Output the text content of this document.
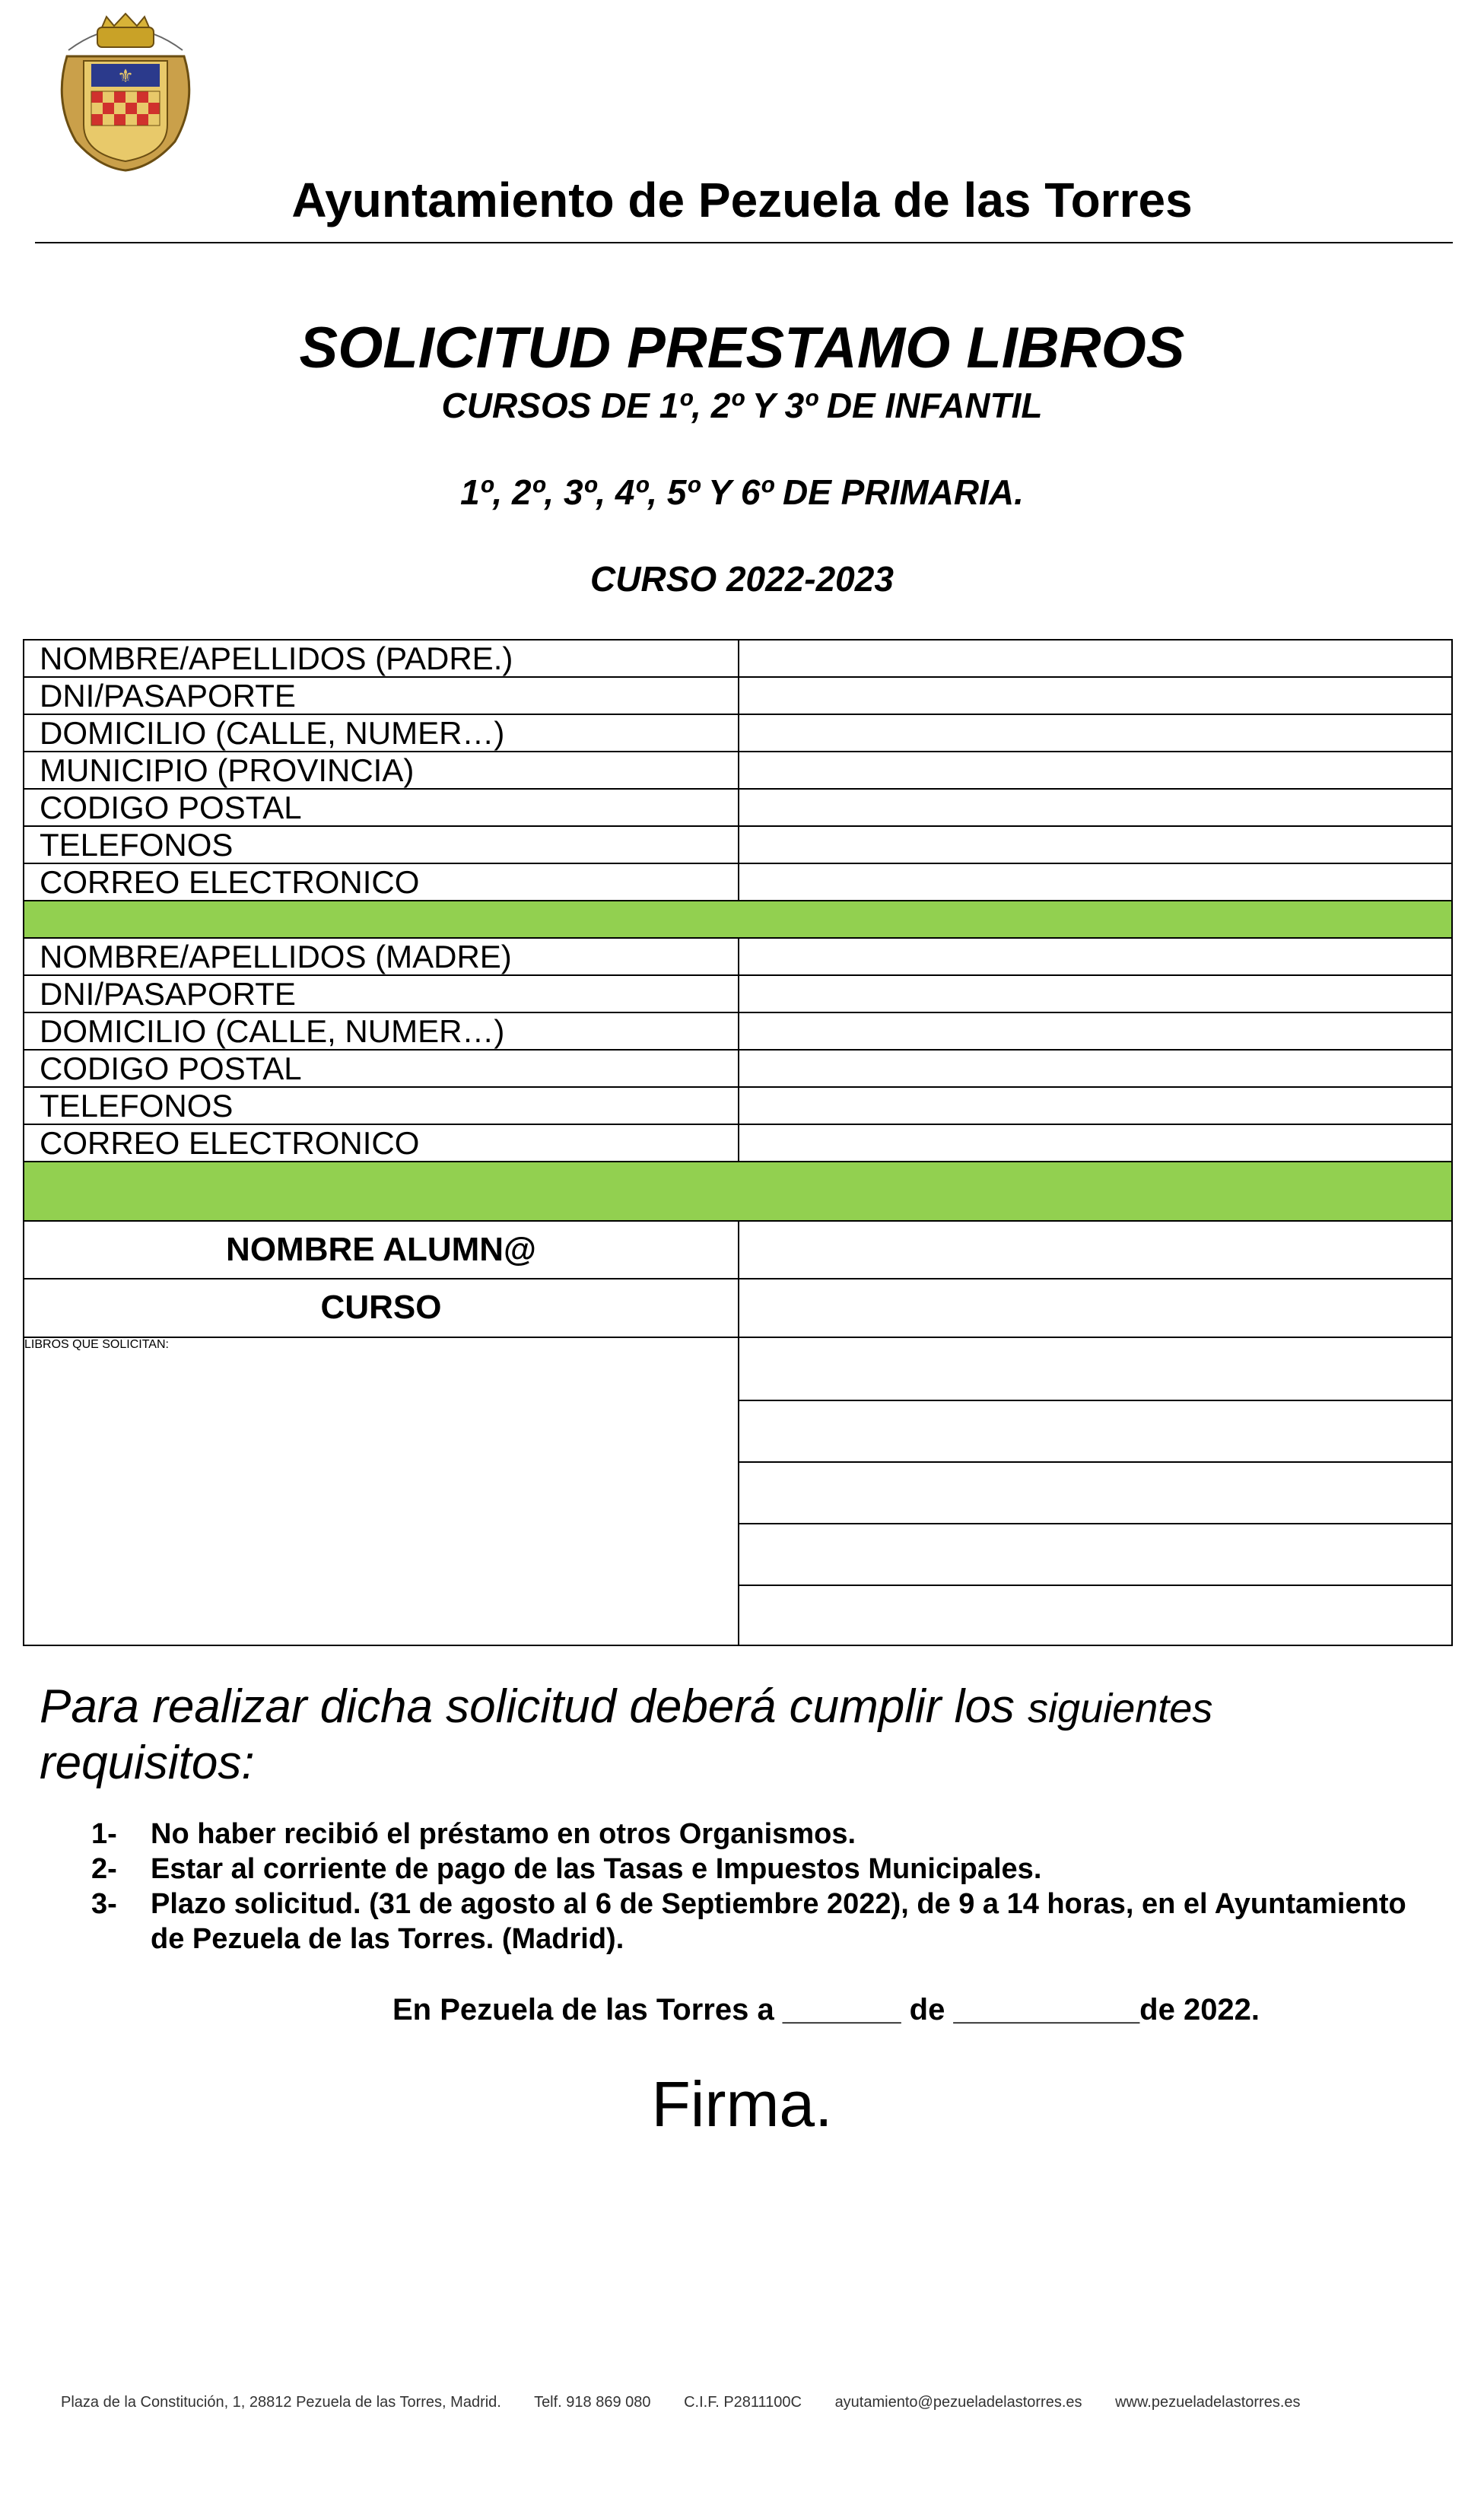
⚜
Ayuntamiento de Pezuela de las Torres
SOLICITUD PRESTAMO LIBROS
CURSOS DE 1º, 2º Y 3º DE INFANTIL
1º, 2º, 3º, 4º, 5º Y 6º DE PRIMARIA.
CURSO 2022-2023
NOMBRE/APELLIDOS (PADRE.)
DNI/PASAPORTE
DOMICILIO (CALLE, NUMER…)
MUNICIPIO (PROVINCIA)
CODIGO POSTAL
TELEFONOS
CORREO ELECTRONICO
NOMBRE/APELLIDOS (MADRE)
DNI/PASAPORTE
DOMICILIO (CALLE, NUMER…)
CODIGO POSTAL
TELEFONOS
CORREO ELECTRONICO
NOMBRE ALUMN@
CURSO
LIBROS QUE SOLICITAN:
Para realizar dicha solicitud deberá cumplir los siguientes
requisitos:
1- No haber recibió el préstamo en otros Organismos.
2- Estar al corriente de pago de las Tasas e Impuestos Municipales.
3- Plazo solicitud. (31 de agosto al 6 de Septiembre 2022), de 9 a 14 horas, en el Ayuntamiento de Pezuela de las Torres. (Madrid).
En Pezuela de las Torres a _______ de ___________de 2022.
Firma.
Plaza de la Constitución, 1, 28812 Pezuela de las Torres, Madrid. Telf. 918 869 080 C.I.F. P2811100C ayutamiento@pezueladelastorres.es www.pezueladelastorres.es
